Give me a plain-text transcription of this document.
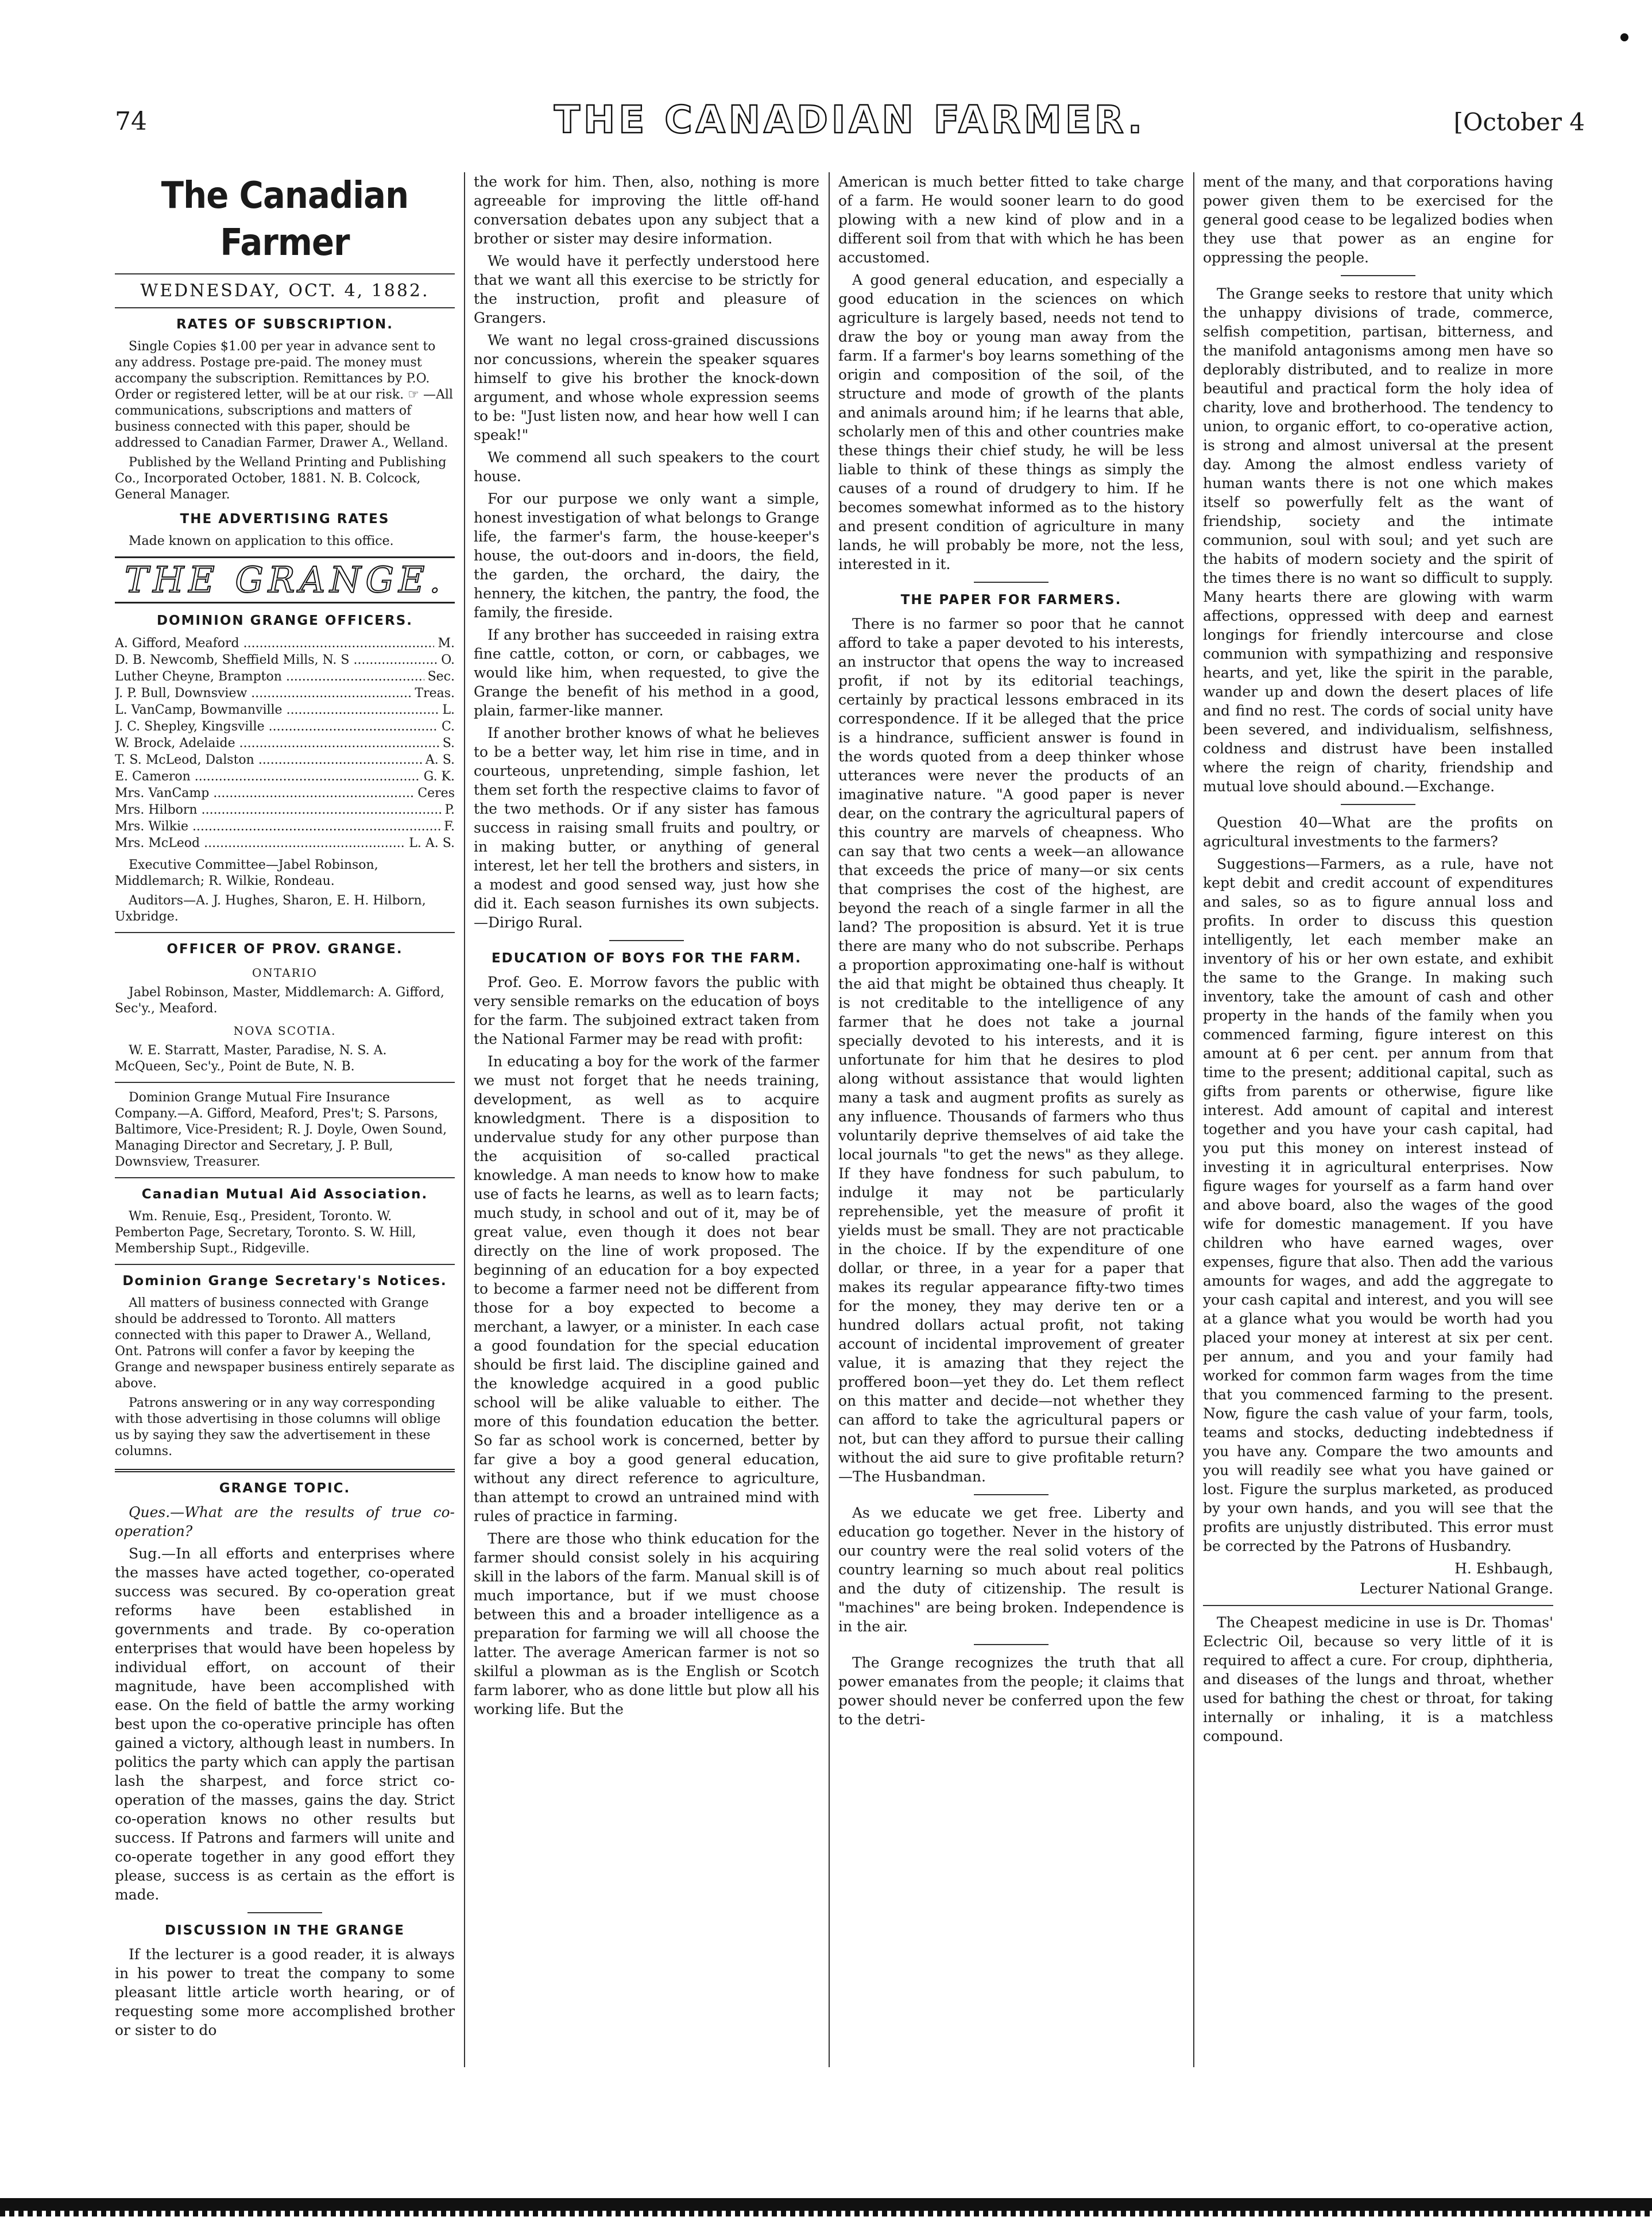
74	THE CANADIAN FARMER.	[October 4
The Canadian Farmer
WEDNESDAY, OCT. 4, 1882.
RATES OF SUBSCRIPTION.

Single Copies $1.00 per year in advance sent to any address. Postage pre-paid. The money must accompany the subscription. Remittances by P.O. Order or registered letter, will be at our risk. ☞ —All communications, subscriptions and matters of business connected with this paper, should be addressed to Canadian Farmer, Drawer A., Welland.

Published by the Welland Printing and Publishing Co., Incorporated October, 1881. N. B. Colcock, General Manager.

THE ADVERTISING RATES

Made known on application to this office.

THE GRANGE.
DOMINION GRANGE OFFICERS.
A. Gifford, Meaford .....	M.
D. B. Newcomb, Sheffield Mills, N. S .....	O.
Luther Cheyne, Brampton .....	Sec.
J. P. Bull, Downsview .....	Treas.
L. VanCamp, Bowmanville .....	L.
J. C. Shepley, Kingsville .....	C.
W. Brock, Adelaide .....	S.
T. S. McLeod, Dalston .....	A. S.
E. Cameron .....	G. K.
Mrs. VanCamp .....	Ceres
Mrs. Hilborn .....	P.
Mrs. Wilkie .....	F.
Mrs. McLeod .....	L. A. S.

Executive Committee—Jabel Robinson, Middlemarch; R. Wilkie, Rondeau.

Auditors—A. J. Hughes, Sharon, E. H. Hilborn, Uxbridge.

OFFICER OF PROV. GRANGE.
ONTARIO

Jabel Robinson, Master, Middlemarch: A. Gifford, Sec'y., Meaford.

NOVA SCOTIA.

W. E. Starratt, Master, Paradise, N. S. A. McQueen, Sec'y., Point de Bute, N. B.

Dominion Grange Mutual Fire Insurance Company.—A. Gifford, Meaford, Pres't; S. Parsons, Baltimore, Vice-President; R. J. Doyle, Owen Sound, Managing Director and Secretary, J. P. Bull, Downsview, Treasurer.

Canadian Mutual Aid Association.

Wm. Renuie, Esq., President, Toronto. W. Pemberton Page, Secretary, Toronto. S. W. Hill, Membership Supt., Ridgeville.

Dominion Grange Secretary's Notices.

All matters of business connected with Grange should be addressed to Toronto. All matters connected with this paper to Drawer A., Welland, Ont. Patrons will confer a favor by keeping the Grange and newspaper business entirely separate as above.

Patrons answering or in any way corresponding with those advertising in those columns will oblige us by saying they saw the advertisement in these columns.

GRANGE TOPIC.

Ques.—What are the results of true co-operation?

Sug.—In all efforts and enterprises where the masses have acted together, co-operated success was secured. By co-operation great reforms have been established in governments and trade. By co-operation enterprises that would have been hopeless by individual effort, on account of their magnitude, have been accomplished with ease. On the field of battle the army working best upon the co-operative principle has often gained a victory, although least in numbers. In politics the party which can apply the partisan lash the sharpest, and force strict co-operation of the masses, gains the day. Strict co-operation knows no other results but success. If Patrons and farmers will unite and co-operate together in any good effort they please, success is as certain as the effort is made.

DISCUSSION IN THE GRANGE

If the lecturer is a good reader, it is always in his power to treat the company to some pleasant little article worth hearing, or of requesting some more accomplished brother or sister to do

the work for him. Then, also, nothing is more agreeable for improving the little off-hand conversation debates upon any subject that a brother or sister may desire information.

We would have it perfectly understood here that we want all this exercise to be strictly for the instruction, profit and pleasure of Grangers.

We want no legal cross-grained discussions nor concussions, wherein the speaker squares himself to give his brother the knock-down argument, and whose whole expression seems to be: "Just listen now, and hear how well I can speak!"

We commend all such speakers to the court house.

For our purpose we only want a simple, honest investigation of what belongs to Grange life, the farmer's farm, the house-keeper's house, the out-doors and in-doors, the field, the garden, the orchard, the dairy, the hennery, the kitchen, the pantry, the food, the family, the fireside.

If any brother has succeeded in raising extra fine cattle, cotton, or corn, or cabbages, we would like him, when requested, to give the Grange the benefit of his method in a good, plain, farmer-like manner.

If another brother knows of what he believes to be a better way, let him rise in time, and in courteous, unpretending, simple fashion, let them set forth the respective claims to favor of the two methods. Or if any sister has famous success in raising small fruits and poultry, or in making butter, or anything of general interest, let her tell the brothers and sisters, in a modest and good sensed way, just how she did it. Each season furnishes its own subjects.—Dirigo Rural.

EDUCATION OF BOYS FOR THE FARM.

Prof. Geo. E. Morrow favors the public with very sensible remarks on the education of boys for the farm. The subjoined extract taken from the National Farmer may be read with profit:

In educating a boy for the work of the farmer we must not forget that he needs training, development, as well as to acquire knowledgment. There is a disposition to undervalue study for any other purpose than the acquisition of so-called practical knowledge. A man needs to know how to make use of facts he learns, as well as to learn facts; much study, in school and out of it, may be of great value, even though it does not bear directly on the line of work proposed. The beginning of an education for a boy expected to become a farmer need not be different from those for a boy expected to become a merchant, a lawyer, or a minister. In each case a good foundation for the special education should be first laid. The discipline gained and the knowledge acquired in a good public school will be alike valuable to either. The more of this foundation education the better. So far as school work is concerned, better by far give a boy a good general education, without any direct reference to agriculture, than attempt to crowd an untrained mind with rules of practice in farming.

There are those who think education for the farmer should consist solely in his acquiring skill in the labors of the farm. Manual skill is of much importance, but if we must choose between this and a broader intelligence as a preparation for farming we will all choose the latter. The average American farmer is not so skilful a plowman as is the English or Scotch farm laborer, who as done little but plow all his working life. But the

American is much better fitted to take charge of a farm. He would sooner learn to do good plowing with a new kind of plow and in a different soil from that with which he has been accustomed.

A good general education, and especially a good education in the sciences on which agriculture is largely based, needs not tend to draw the boy or young man away from the farm. If a farmer's boy learns something of the origin and composition of the soil, of the structure and mode of growth of the plants and animals around him; if he learns that able, scholarly men of this and other countries make these things their chief study, he will be less liable to think of these things as simply the causes of a round of drudgery to him. If he becomes somewhat informed as to the history and present condition of agriculture in many lands, he will probably be more, not the less, interested in it.

THE PAPER FOR FARMERS.

There is no farmer so poor that he cannot afford to take a paper devoted to his interests, an instructor that opens the way to increased profit, if not by its editorial teachings, certainly by practical lessons embraced in its correspondence. If it be alleged that the price is a hindrance, sufficient answer is found in the words quoted from a deep thinker whose utterances were never the products of an imaginative nature. "A good paper is never dear, on the contrary the agricultural papers of this country are marvels of cheapness. Who can say that two cents a week—an allowance that exceeds the price of many—or six cents that comprises the cost of the highest, are beyond the reach of a single farmer in all the land? The proposition is absurd. Yet it is true there are many who do not subscribe. Perhaps a proportion approximating one-half is without the aid that might be obtained thus cheaply. It is not creditable to the intelligence of any farmer that he does not take a journal specially devoted to his interests, and it is unfortunate for him that he desires to plod along without assistance that would lighten many a task and augment profits as surely as any influence. Thousands of farmers who thus voluntarily deprive themselves of aid take the local journals "to get the news" as they allege. If they have fondness for such pabulum, to indulge it may not be particularly reprehensible, yet the measure of profit it yields must be small. They are not practicable in the choice. If by the expenditure of one dollar, or three, in a year for a paper that makes its regular appearance fifty-two times for the money, they may derive ten or a hundred dollars actual profit, not taking account of incidental improvement of greater value, it is amazing that they reject the proffered boon—yet they do. Let them reflect on this matter and decide—not whether they can afford to take the agricultural papers or not, but can they afford to pursue their calling without the aid sure to give profitable return?—The Husbandman.

As we educate we get free. Liberty and education go together. Never in the history of our country were the real solid voters of the country learning so much about real politics and the duty of citizenship. The result is "machines" are being broken. Independence is in the air.

The Grange recognizes the truth that all power emanates from the people; it claims that power should never be conferred upon the few to the detri-

ment of the many, and that corporations having power given them to be exercised for the general good cease to be legalized bodies when they use that power as an engine for oppressing the people.

The Grange seeks to restore that unity which the unhappy divisions of trade, commerce, selfish competition, partisan, bitterness, and the manifold antagonisms among men have so deplorably distributed, and to realize in more beautiful and practical form the holy idea of charity, love and brotherhood. The tendency to union, to organic effort, to co-operative action, is strong and almost universal at the present day. Among the almost endless variety of human wants there is not one which makes itself so powerfully felt as the want of friendship, society and the intimate communion, soul with soul; and yet such are the habits of modern society and the spirit of the times there is no want so difficult to supply. Many hearts there are glowing with warm affections, oppressed with deep and earnest longings for friendly intercourse and close communion with sympathizing and responsive hearts, and yet, like the spirit in the parable, wander up and down the desert places of life and find no rest. The cords of social unity have been severed, and individualism, selfishness, coldness and distrust have been installed where the reign of charity, friendship and mutual love should abound.—Exchange.

Question 40—What are the profits on agricultural investments to the farmers?

Suggestions—Farmers, as a rule, have not kept debit and credit account of expenditures and sales, so as to figure annual loss and profits. In order to discuss this question intelligently, let each member make an inventory of his or her own estate, and exhibit the same to the Grange. In making such inventory, take the amount of cash and other property in the hands of the family when you commenced farming, figure interest on this amount at 6 per cent. per annum from that time to the present; additional capital, such as gifts from parents or otherwise, figure like interest. Add amount of capital and interest together and you have your cash capital, had you put this money on interest instead of investing it in agricultural enterprises. Now figure wages for yourself as a farm hand over and above board, also the wages of the good wife for domestic management. If you have children who have earned wages, over expenses, figure that also. Then add the various amounts for wages, and add the aggregate to your cash capital and interest, and you will see at a glance what you would be worth had you placed your money at interest at six per cent. per annum, and you and your family had worked for common farm wages from the time that you commenced farming to the present. Now, figure the cash value of your farm, tools, teams and stocks, deducting indebtedness if you have any. Compare the two amounts and you will readily see what you have gained or lost. Figure the surplus marketed, as produced by your own hands, and you will see that the profits are unjustly distributed. This error must be corrected by the Patrons of Husbandry.

H. Eshbaugh,
Lecturer National Grange.

The Cheapest medicine in use is Dr. Thomas' Eclectric Oil, because so very little of it is required to affect a cure. For croup, diphtheria, and diseases of the lungs and throat, whether used for bathing the chest or throat, for taking internally or inhaling, it is a matchless compound.
